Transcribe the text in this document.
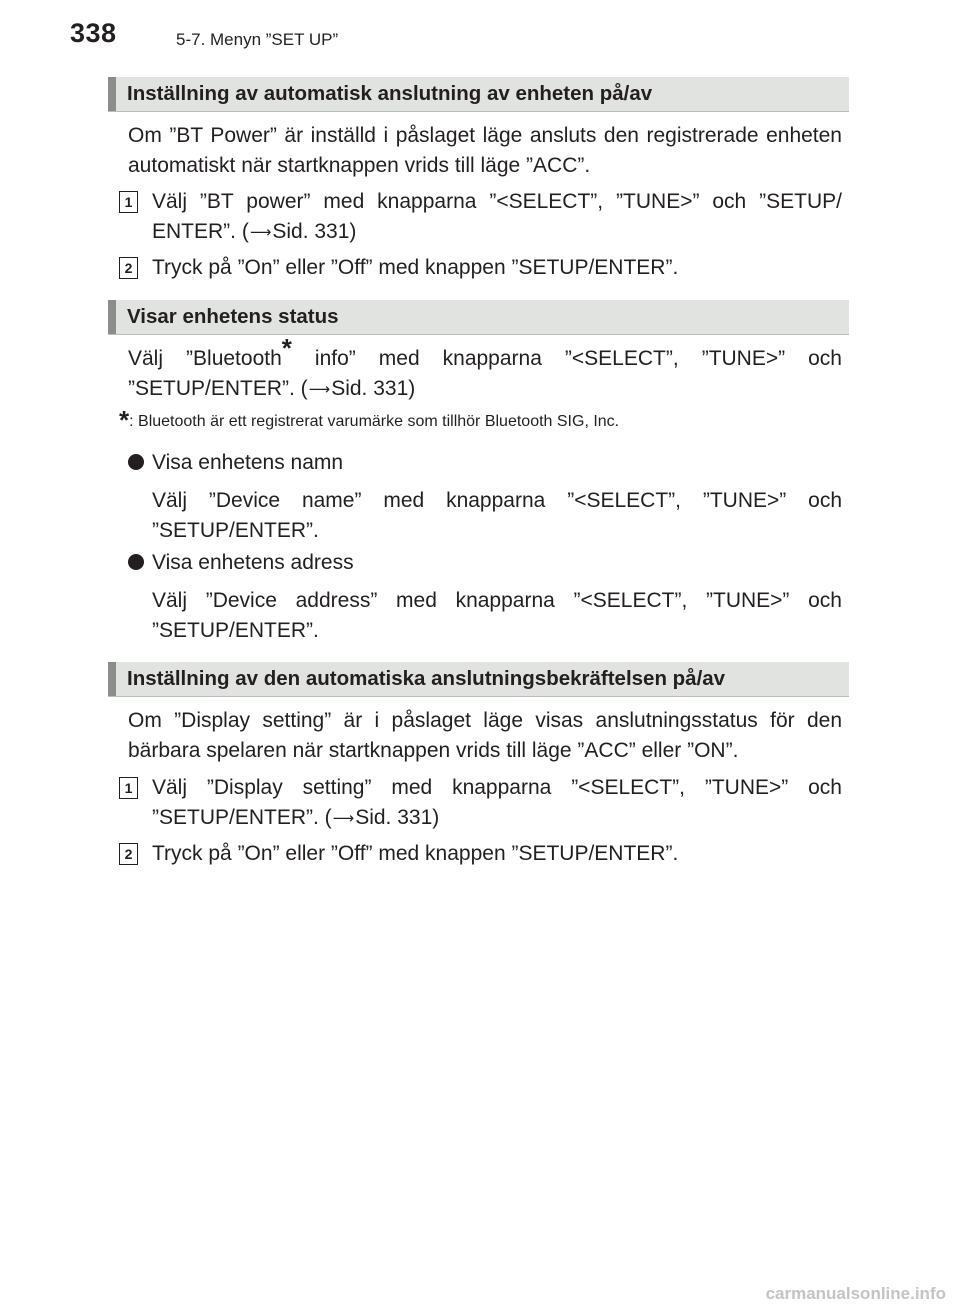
338	5-7. Menyn ”SET UP”
Inställning av automatisk anslutning av enheten på/av
Om ”BT Power” är inställd i påslaget läge ansluts den registrerade enheten automatiskt när startknappen vrids till läge ”ACC”.
1 Välj ”BT power” med knapparna ”<SELECT”, ”TUNE>” och ”SETUP/ ENTER”. (⟶Sid. 331)
2 Tryck på ”On” eller ”Off” med knappen ”SETUP/ENTER”.
Visar enhetens status
Välj ”Bluetooth* info” med knapparna ”<SELECT”, ”TUNE>” och ”SETUP/ENTER”. (⟶Sid. 331)
*: Bluetooth är ett registrerat varumärke som tillhör Bluetooth SIG, Inc.
Visa enhetens namn
Välj ”Device name” med knapparna ”<SELECT”, ”TUNE>” och ”SETUP/ENTER”.
Visa enhetens adress
Välj ”Device address” med knapparna ”<SELECT”, ”TUNE>” och ”SETUP/ENTER”.
Inställning av den automatiska anslutningsbekräftelsen på/av
Om ”Display setting” är i påslaget läge visas anslutningsstatus för den bärbara spelaren när startknappen vrids till läge ”ACC” eller ”ON”.
1 Välj ”Display setting” med knapparna ”<SELECT”, ”TUNE>” och ”SETUP/ENTER”. (⟶Sid. 331)
2 Tryck på ”On” eller ”Off” med knappen ”SETUP/ENTER”.
carmanualsonline.info
